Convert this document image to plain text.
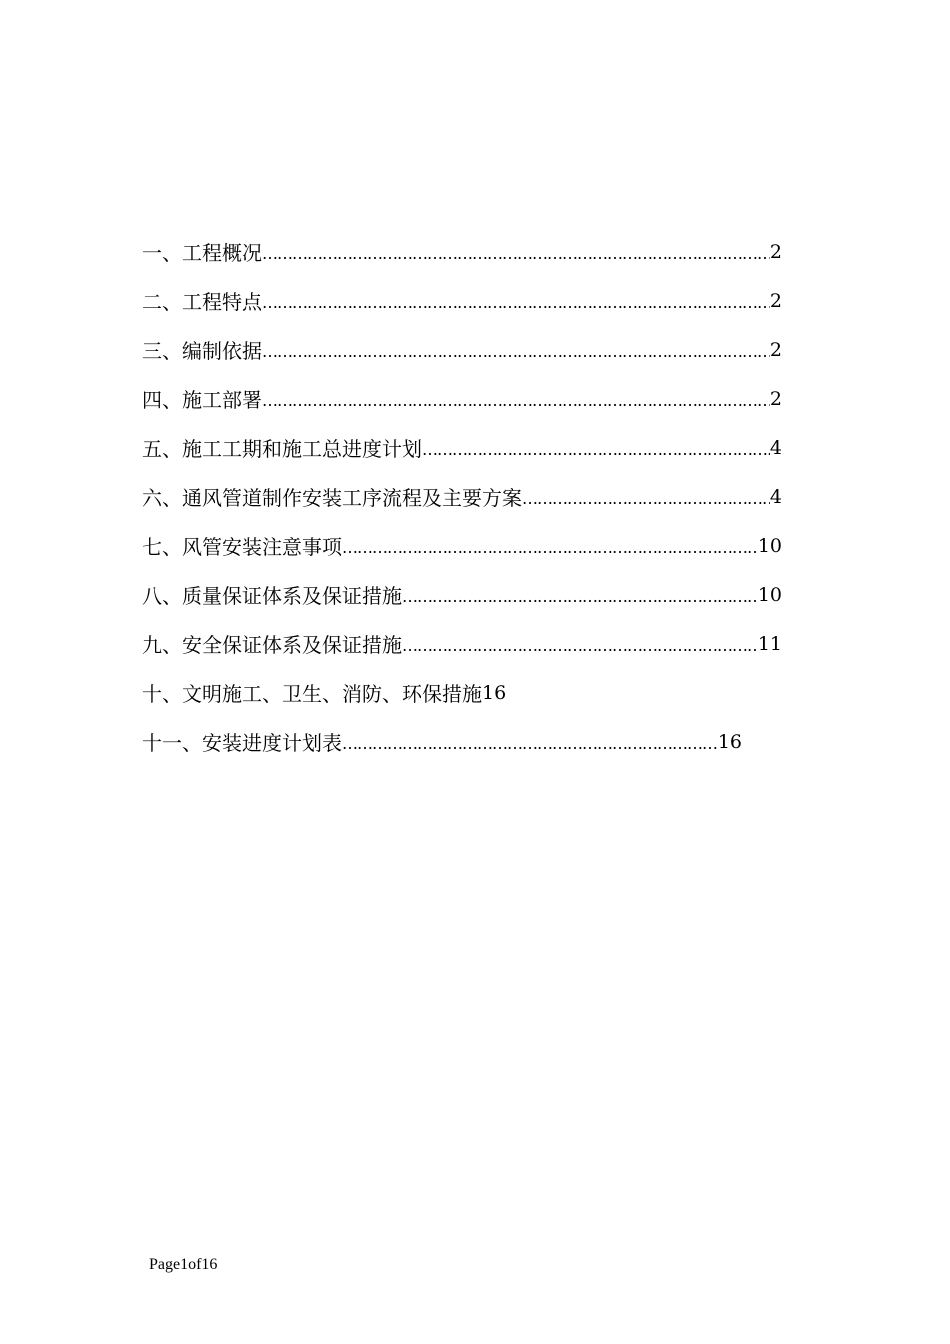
一、工程概况 …………………………………………………………………………………………………………………………………………	2
二、工程特点 …………………………………………………………………………………………………………………………………………	2
三、编制依据 …………………………………………………………………………………………………………………………………………	2
四、施工部署 …………………………………………………………………………………………………………………………………………	2
五、施工工期和施工总进度计划 …………………………………………………………………………………………………………………………………………	4
六、通风管道制作安装工序流程及主要方案 …………………………………………………………………………………………………………………………………………	4
七、风管安装注意事项 …………………………………………………………………………………………………………………………………………	10
八、质量保证体系及保证措施 …………………………………………………………………………………………………………………………………………	10
九、安全保证体系及保证措施 …………………………………………………………………………………………………………………………………………	11
十、文明施工、卫生、消防、环保措施 16
十一、安装进度计划表 …………………………………………………………………………………………………………………………………………	16
Page1of16
